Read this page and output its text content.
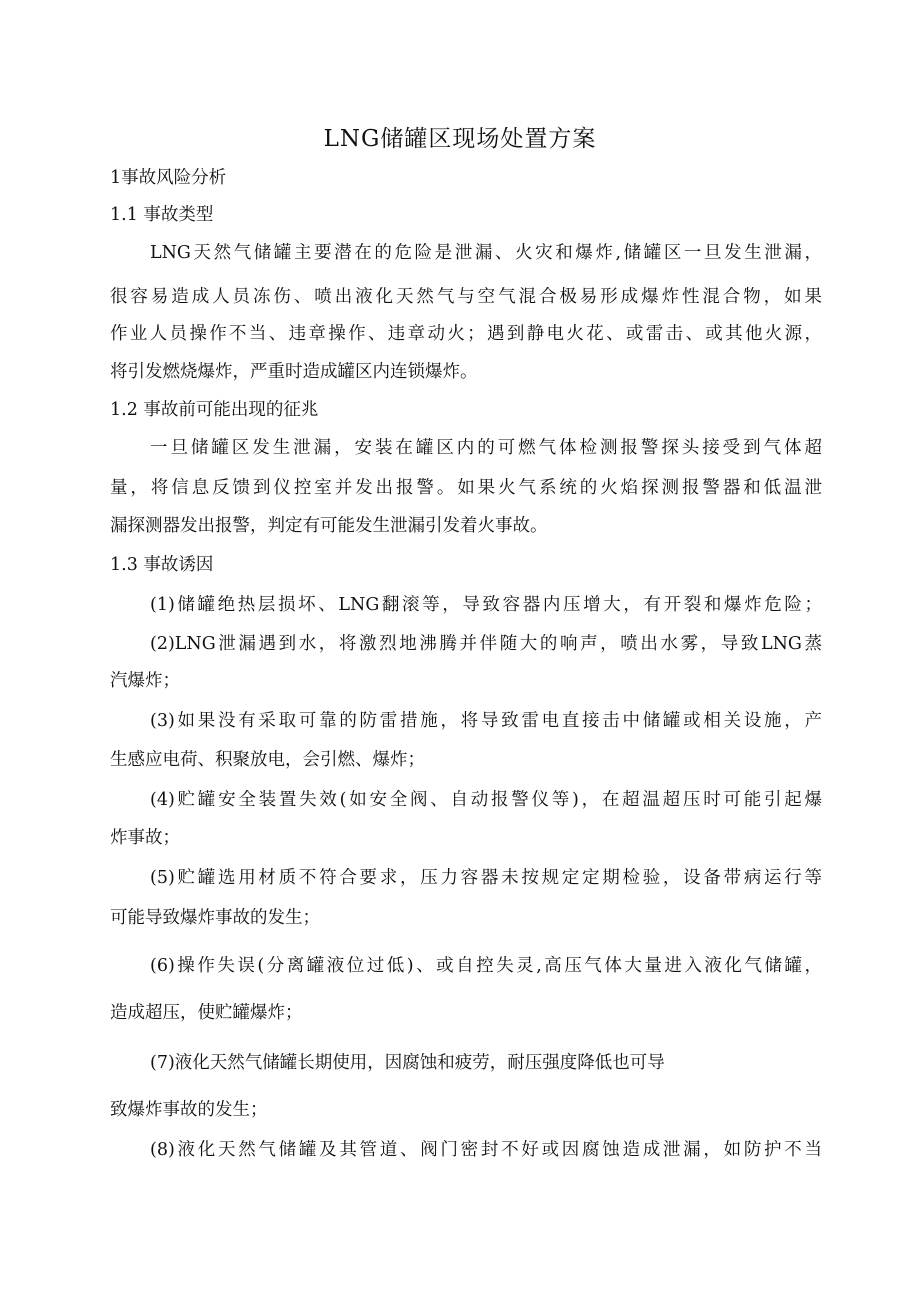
LNG储罐区现场处置方案
1事故风险分析
1.1 事故类型
LNG天然气储罐主要潜在的危险是泄漏、火灾和爆炸,储罐区一旦发生泄漏，
很容易造成人员冻伤、喷出液化天然气与空气混合极易形成爆炸性混合物，如果
作业人员操作不当、违章操作、违章动火；遇到静电火花、或雷击、或其他火源，
将引发燃烧爆炸，严重时造成罐区内连锁爆炸。
1.2 事故前可能出现的征兆
一旦储罐区发生泄漏，安装在罐区内的可燃气体检测报警探头接受到气体超
量，将信息反馈到仪控室并发出报警。如果火气系统的火焰探测报警器和低温泄
漏探测器发出报警，判定有可能发生泄漏引发着火事故。
1.3 事故诱因
(1)储罐绝热层损坏、LNG翻滚等，导致容器内压增大，有开裂和爆炸危险；
(2)LNG泄漏遇到水，将激烈地沸腾并伴随大的响声，喷出水雾，导致LNG蒸
汽爆炸；
(3)如果没有采取可靠的防雷措施，将导致雷电直接击中储罐或相关设施，产
生感应电荷、积聚放电，会引燃、爆炸；
(4)贮罐安全装置失效(如安全阀、自动报警仪等)，在超温超压时可能引起爆
炸事故；
(5)贮罐选用材质不符合要求，压力容器未按规定定期检验，设备带病运行等
可能导致爆炸事故的发生；
(6)操作失误(分离罐液位过低)、或自控失灵,高压气体大量进入液化气储罐，
造成超压，使贮罐爆炸；
(7)液化天然气储罐长期使用，因腐蚀和疲劳，耐压强度降低也可导
致爆炸事故的发生；
(8)液化天然气储罐及其管道、阀门密封不好或因腐蚀造成泄漏，如防护不当
